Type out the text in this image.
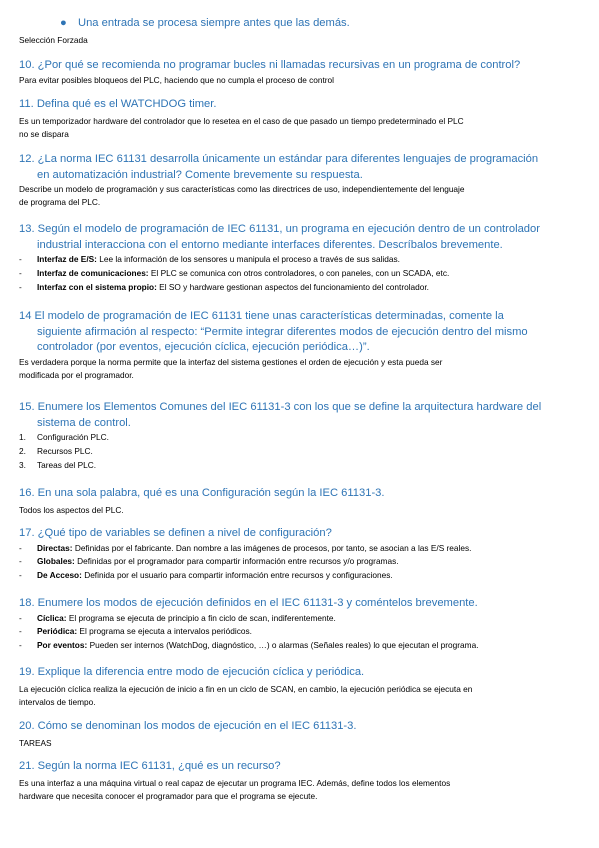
● Una entrada se procesa siempre antes que las demás.

Selección Forzada

10. ¿Por qué se recomienda no programar bucles ni llamadas recursivas en un programa de control?

Para evitar posibles bloqueos del PLC, haciendo que no cumpla el proceso de control

11. Defina qué es el WATCHDOG timer.

Es un temporizador hardware del controlador que lo resetea en el caso de que pasado un tiempo predeterminado el PLC

no se dispara

12. ¿La norma IEC 61131 desarrolla únicamente un estándar para diferentes lenguajes de programación

en automatización industrial? Comente brevemente su respuesta.

Describe un modelo de programación y sus características como las directrices de uso, independientemente del lenguaje

de programa del PLC.

13. Según el modelo de programación de IEC 61131, un programa en ejecución dentro de un controlador

industrial interacciona con el entorno mediante interfaces diferentes. Descríbalos brevemente.

-	Interfaz de E/S: Lee la información de los sensores u manipula el proceso a través de sus salidas.
-	Interfaz de comunicaciones: El PLC se comunica con otros controladores, o con paneles, con un SCADA, etc.
-	Interfaz con el sistema propio: El SO y hardware gestionan aspectos del funcionamiento del controlador.

14 El modelo de programación de IEC 61131 tiene unas características determinadas, comente la

siguiente afirmación al respecto: “Permite integrar diferentes modos de ejecución dentro del mismo

controlador (por eventos, ejecución cíclica, ejecución periódica…)”.

Es verdadera porque la norma permite que la interfaz del sistema gestiones el orden de ejecución y esta pueda ser

modificada por el programador.

15. Enumere los Elementos Comunes del IEC 61131-3 con los que se define la arquitectura hardware del

sistema de control.

1.	Configuración PLC.
2.	Recursos PLC.
3.	Tareas del PLC.

16. En una sola palabra, qué es una Configuración según la IEC 61131-3.

Todos los aspectos del PLC.

17. ¿Qué tipo de variables se definen a nivel de configuración?

-	Directas: Definidas por el fabricante. Dan nombre a las imágenes de procesos, por tanto, se asocian a las E/S reales.
-	Globales: Definidas por el programador para compartir información entre recursos y/o programas.
-	De Acceso: Definida por el usuario para compartir información entre recursos y configuraciones.

18. Enumere los modos de ejecución definidos en el IEC 61131-3 y coméntelos brevemente.

-	Cíclica: El programa se ejecuta de principio a fin ciclo de scan, indiferentemente.
-	Periódica: El programa se ejecuta a intervalos periódicos.
-	Por eventos: Pueden ser internos (WatchDog, diagnóstico, …) o alarmas (Señales reales) lo que ejecutan el programa.

19. Explique la diferencia entre modo de ejecución cíclica y periódica.

La ejecución cíclica realiza la ejecución de inicio a fin en un ciclo de SCAN, en cambio, la ejecución periódica se ejecuta en

intervalos de tiempo.

20. Cómo se denominan los modos de ejecución en el IEC 61131-3.

TAREAS

21. Según la norma IEC 61131, ¿qué es un recurso?

Es una interfaz a una máquina virtual o real capaz de ejecutar un programa IEC. Además, define todos los elementos

hardware que necesita conocer el programador para que el programa se ejecute.
